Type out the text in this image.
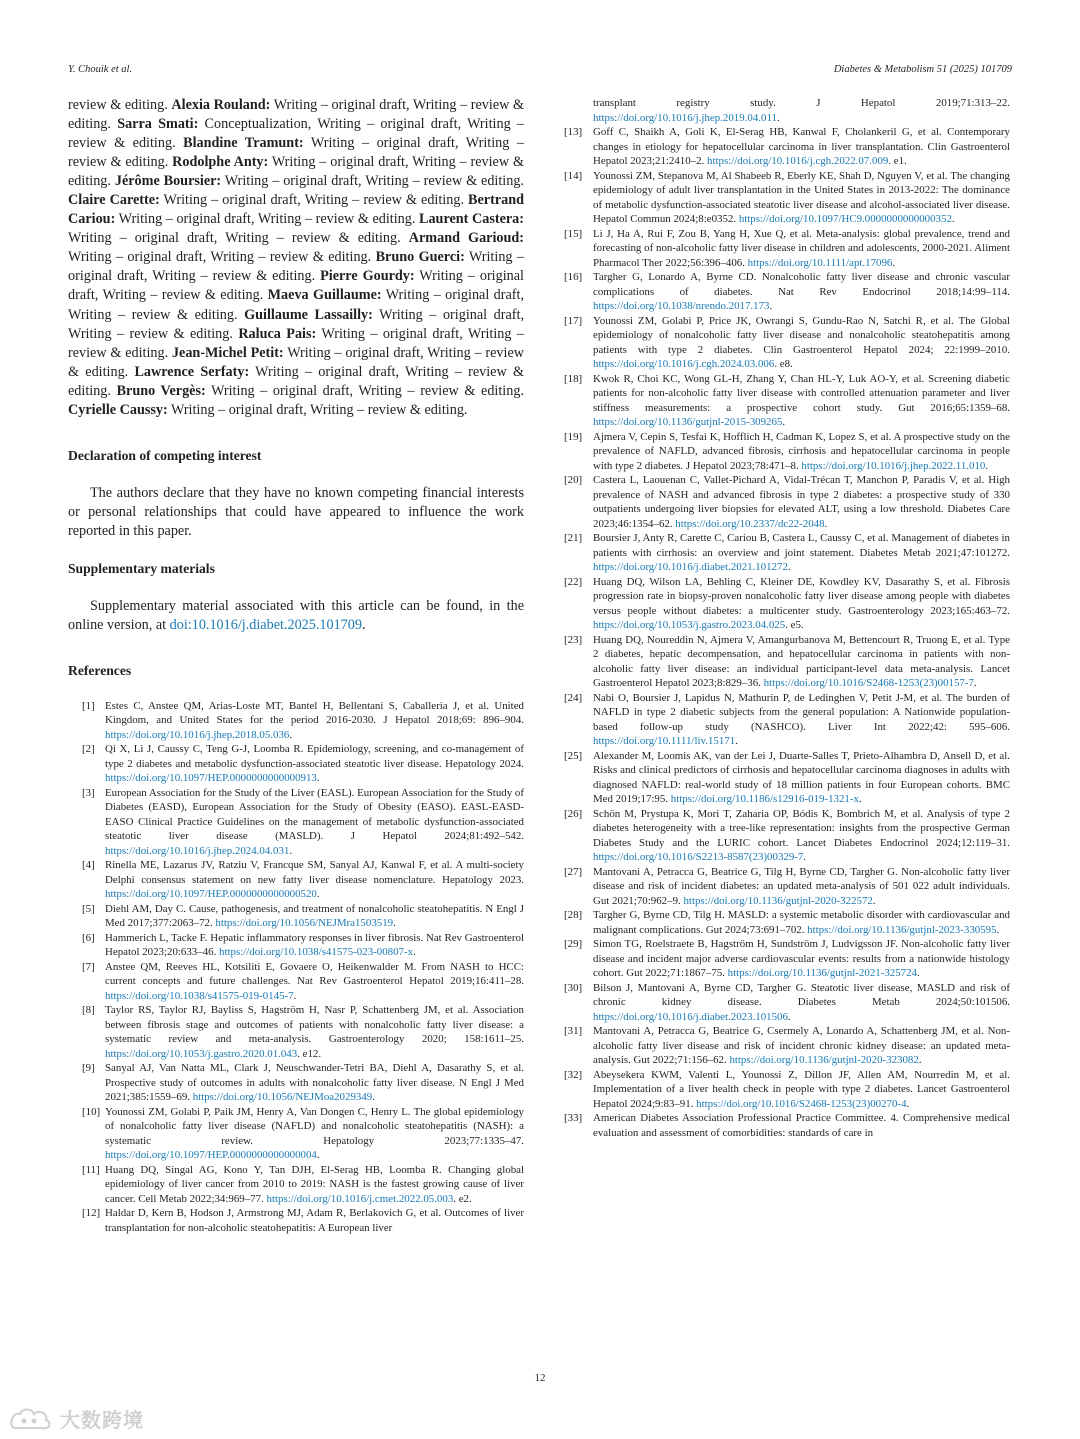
Y. Chouik et al.	Diabetes & Metabolism 51 (2025) 101709

review & editing. Alexia Rouland: Writing – original draft, Writing – review & editing. Sarra Smati: Conceptualization, Writing – original draft, Writing – review & editing. Blandine Tramunt: Writing – original draft, Writing – review & editing. Rodolphe Anty: Writing – original draft, Writing – review & editing. Jérôme Boursier: Writing – original draft, Writing – review & editing. Claire Carette: Writing – original draft, Writing – review & editing. Bertrand Cariou: Writing – original draft, Writing – review & editing. Laurent Castera: Writing – original draft, Writing – review & editing. Armand Garioud: Writing – original draft, Writing – review & editing. Bruno Guerci: Writing – original draft, Writing – review & editing. Pierre Gourdy: Writing – original draft, Writing – review & editing. Maeva Guillaume: Writing – original draft, Writing – review & editing. Guillaume Lassailly: Writing – original draft, Writing – review & editing. Raluca Pais: Writing – original draft, Writing – review & editing. Jean-Michel Petit: Writing – original draft, Writing – review & editing. Lawrence Serfaty: Writing – original draft, Writing – review & editing. Bruno Vergès: Writing – original draft, Writing – review & editing. Cyrielle Caussy: Writing – original draft, Writing – review & editing.

Declaration of competing interest

The authors declare that they have no known competing financial interests or personal relationships that could have appeared to influence the work reported in this paper.

Supplementary materials

Supplementary material associated with this article can be found, in the online version, at doi:10.1016/j.diabet.2025.101709.

References
[1] Estes C, Anstee QM, Arias-Loste MT, Bantel H, Bellentani S, Caballeria J, et al. United Kingdom, and United States for the period 2016-2030. J Hepatol 2018;69: 896–904. https://doi.org/10.1016/j.jhep.2018.05.036.
[2] Qi X, Li J, Caussy C, Teng G-J, Loomba R. Epidemiology, screening, and co-management of type 2 diabetes and metabolic dysfunction-associated steatotic liver disease. Hepatology 2024. https://doi.org/10.1097/HEP.0000000000000913.
[3] European Association for the Study of the Liver (EASL). European Association for the Study of Diabetes (EASD), European Association for the Study of Obesity (EASO). EASL-EASD-EASO Clinical Practice Guidelines on the management of metabolic dysfunction-associated steatotic liver disease (MASLD). J Hepatol 2024;81:492–542. https://doi.org/10.1016/j.jhep.2024.04.031.
[4] Rinella ME, Lazarus JV, Ratziu V, Francque SM, Sanyal AJ, Kanwal F, et al. A multi-society Delphi consensus statement on new fatty liver disease nomenclature. Hepatology 2023. https://doi.org/10.1097/HEP.0000000000000520.
[5] Diehl AM, Day C. Cause, pathogenesis, and treatment of nonalcoholic steatohepatitis. N Engl J Med 2017;377:2063–72. https://doi.org/10.1056/NEJMra1503519.
[6] Hammerich L, Tacke F. Hepatic inflammatory responses in liver fibrosis. Nat Rev Gastroenterol Hepatol 2023;20:633–46. https://doi.org/10.1038/s41575-023-00807-x.
[7] Anstee QM, Reeves HL, Kotsiliti E, Govaere O, Heikenwalder M. From NASH to HCC: current concepts and future challenges. Nat Rev Gastroenterol Hepatol 2019;16:411–28. https://doi.org/10.1038/s41575-019-0145-7.
[8] Taylor RS, Taylor RJ, Bayliss S, Hagström H, Nasr P, Schattenberg JM, et al. Association between fibrosis stage and outcomes of patients with nonalcoholic fatty liver disease: a systematic review and meta-analysis. Gastroenterology 2020; 158:1611–25. https://doi.org/10.1053/j.gastro.2020.01.043. e12.
[9] Sanyal AJ, Van Natta ML, Clark J, Neuschwander-Tetri BA, Diehl A, Dasarathy S, et al. Prospective study of outcomes in adults with nonalcoholic fatty liver disease. N Engl J Med 2021;385:1559–69. https://doi.org/10.1056/NEJMoa2029349.
[10] Younossi ZM, Golabi P, Paik JM, Henry A, Van Dongen C, Henry L. The global epidemiology of nonalcoholic fatty liver disease (NAFLD) and nonalcoholic steatohepatitis (NASH): a systematic review. Hepatology 2023;77:1335–47. https://doi.org/10.1097/HEP.0000000000000004.
[11] Huang DQ, Singal AG, Kono Y, Tan DJH, El-Serag HB, Loomba R. Changing global epidemiology of liver cancer from 2010 to 2019: NASH is the fastest growing cause of liver cancer. Cell Metab 2022;34:969–77. https://doi.org/10.1016/j.cmet.2022.05.003. e2.
[12] Haldar D, Kern B, Hodson J, Armstrong MJ, Adam R, Berlakovich G, et al. Outcomes of liver transplantation for non-alcoholic steatohepatitis: A European liver
transplant registry study. J Hepatol 2019;71:313–22. https://doi.org/10.1016/j.jhep.2019.04.011.
[13] Goff C, Shaikh A, Goli K, El-Serag HB, Kanwal F, Cholankeril G, et al. Contemporary changes in etiology for hepatocellular carcinoma in liver transplantation. Clin Gastroenterol Hepatol 2023;21:2410–2. https://doi.org/10.1016/j.cgh.2022.07.009. e1.
[14] Younossi ZM, Stepanova M, Al Shabeeb R, Eberly KE, Shah D, Nguyen V, et al. The changing epidemiology of adult liver transplantation in the United States in 2013-2022: The dominance of metabolic dysfunction-associated steatotic liver disease and alcohol-associated liver disease. Hepatol Commun 2024;8:e0352. https://doi.org/10.1097/HC9.0000000000000352.
[15] Li J, Ha A, Rui F, Zou B, Yang H, Xue Q, et al. Meta-analysis: global prevalence, trend and forecasting of non-alcoholic fatty liver disease in children and adolescents, 2000-2021. Aliment Pharmacol Ther 2022;56:396–406. https://doi.org/10.1111/apt.17096.
[16] Targher G, Lonardo A, Byrne CD. Nonalcoholic fatty liver disease and chronic vascular complications of diabetes. Nat Rev Endocrinol 2018;14:99–114. https://doi.org/10.1038/nrendo.2017.173.
[17] Younossi ZM, Golabi P, Price JK, Owrangi S, Gundu-Rao N, Satchi R, et al. The Global epidemiology of nonalcoholic fatty liver disease and nonalcoholic steatohepatitis among patients with type 2 diabetes. Clin Gastroenterol Hepatol 2024; 22:1999–2010. https://doi.org/10.1016/j.cgh.2024.03.006. e8.
[18] Kwok R, Choi KC, Wong GL-H, Zhang Y, Chan HL-Y, Luk AO-Y, et al. Screening diabetic patients for non-alcoholic fatty liver disease with controlled attenuation parameter and liver stiffness measurements: a prospective cohort study. Gut 2016;65:1359–68. https://doi.org/10.1136/gutjnl-2015-309265.
[19] Ajmera V, Cepin S, Tesfai K, Hofflich H, Cadman K, Lopez S, et al. A prospective study on the prevalence of NAFLD, advanced fibrosis, cirrhosis and hepatocellular carcinoma in people with type 2 diabetes. J Hepatol 2023;78:471–8. https://doi.org/10.1016/j.jhep.2022.11.010.
[20] Castera L, Laouenan C, Vallet-Pichard A, Vidal-Trécan T, Manchon P, Paradis V, et al. High prevalence of NASH and advanced fibrosis in type 2 diabetes: a prospective study of 330 outpatients undergoing liver biopsies for elevated ALT, using a low threshold. Diabetes Care 2023;46:1354–62. https://doi.org/10.2337/dc22-2048.
[21] Boursier J, Anty R, Carette C, Cariou B, Castera L, Caussy C, et al. Management of diabetes in patients with cirrhosis: an overview and joint statement. Diabetes Metab 2021;47:101272. https://doi.org/10.1016/j.diabet.2021.101272.
[22] Huang DQ, Wilson LA, Behling C, Kleiner DE, Kowdley KV, Dasarathy S, et al. Fibrosis progression rate in biopsy-proven nonalcoholic fatty liver disease among people with diabetes versus people without diabetes: a multicenter study. Gastroenterology 2023;165:463–72. https://doi.org/10.1053/j.gastro.2023.04.025. e5.
[23] Huang DQ, Noureddin N, Ajmera V, Amangurbanova M, Bettencourt R, Truong E, et al. Type 2 diabetes, hepatic decompensation, and hepatocellular carcinoma in patients with non-alcoholic fatty liver disease: an individual participant-level data meta-analysis. Lancet Gastroenterol Hepatol 2023;8:829–36. https://doi.org/10.1016/S2468-1253(23)00157-7.
[24] Nabi O, Boursier J, Lapidus N, Mathurin P, de Ledinghen V, Petit J-M, et al. The burden of NAFLD in type 2 diabetic subjects from the general population: A Nationwide population-based follow-up study (NASHCO). Liver Int 2022;42: 595–606. https://doi.org/10.1111/liv.15171.
[25] Alexander M, Loomis AK, van der Lei J, Duarte-Salles T, Prieto-Alhambra D, Ansell D, et al. Risks and clinical predictors of cirrhosis and hepatocellular carcinoma diagnoses in adults with diagnosed NAFLD: real-world study of 18 million patients in four European cohorts. BMC Med 2019;17:95. https://doi.org/10.1186/s12916-019-1321-x.
[26] Schön M, Prystupa K, Mori T, Zaharia OP, Bódis K, Bombrich M, et al. Analysis of type 2 diabetes heterogeneity with a tree-like representation: insights from the prospective German Diabetes Study and the LURIC cohort. Lancet Diabetes Endocrinol 2024;12:119–31. https://doi.org/10.1016/S2213-8587(23)00329-7.
[27] Mantovani A, Petracca G, Beatrice G, Tilg H, Byrne CD, Targher G. Non-alcoholic fatty liver disease and risk of incident diabetes: an updated meta-analysis of 501 022 adult individuals. Gut 2021;70:962–9. https://doi.org/10.1136/gutjnl-2020-322572.
[28] Targher G, Byrne CD, Tilg H. MASLD: a systemic metabolic disorder with cardiovascular and malignant complications. Gut 2024;73:691–702. https://doi.org/10.1136/gutjnl-2023-330595.
[29] Simon TG, Roelstraete B, Hagström H, Sundström J, Ludvigsson JF. Non-alcoholic fatty liver disease and incident major adverse cardiovascular events: results from a nationwide histology cohort. Gut 2022;71:1867–75. https://doi.org/10.1136/gutjnl-2021-325724.
[30] Bilson J, Mantovani A, Byrne CD, Targher G. Steatotic liver disease, MASLD and risk of chronic kidney disease. Diabetes Metab 2024;50:101506. https://doi.org/10.1016/j.diabet.2023.101506.
[31] Mantovani A, Petracca G, Beatrice G, Csermely A, Lonardo A, Schattenberg JM, et al. Non-alcoholic fatty liver disease and risk of incident chronic kidney disease: an updated meta-analysis. Gut 2022;71:156–62. https://doi.org/10.1136/gutjnl-2020-323082.
[32] Abeysekera KWM, Valenti L, Younossi Z, Dillon JF, Allen AM, Nourredin M, et al. Implementation of a liver health check in people with type 2 diabetes. Lancet Gastroenterol Hepatol 2024;9:83–91. https://doi.org/10.1016/S2468-1253(23)00270-4.
[33] American Diabetes Association Professional Practice Committee. 4. Comprehensive medical evaluation and assessment of comorbidities: standards of care in
12
大数跨境
